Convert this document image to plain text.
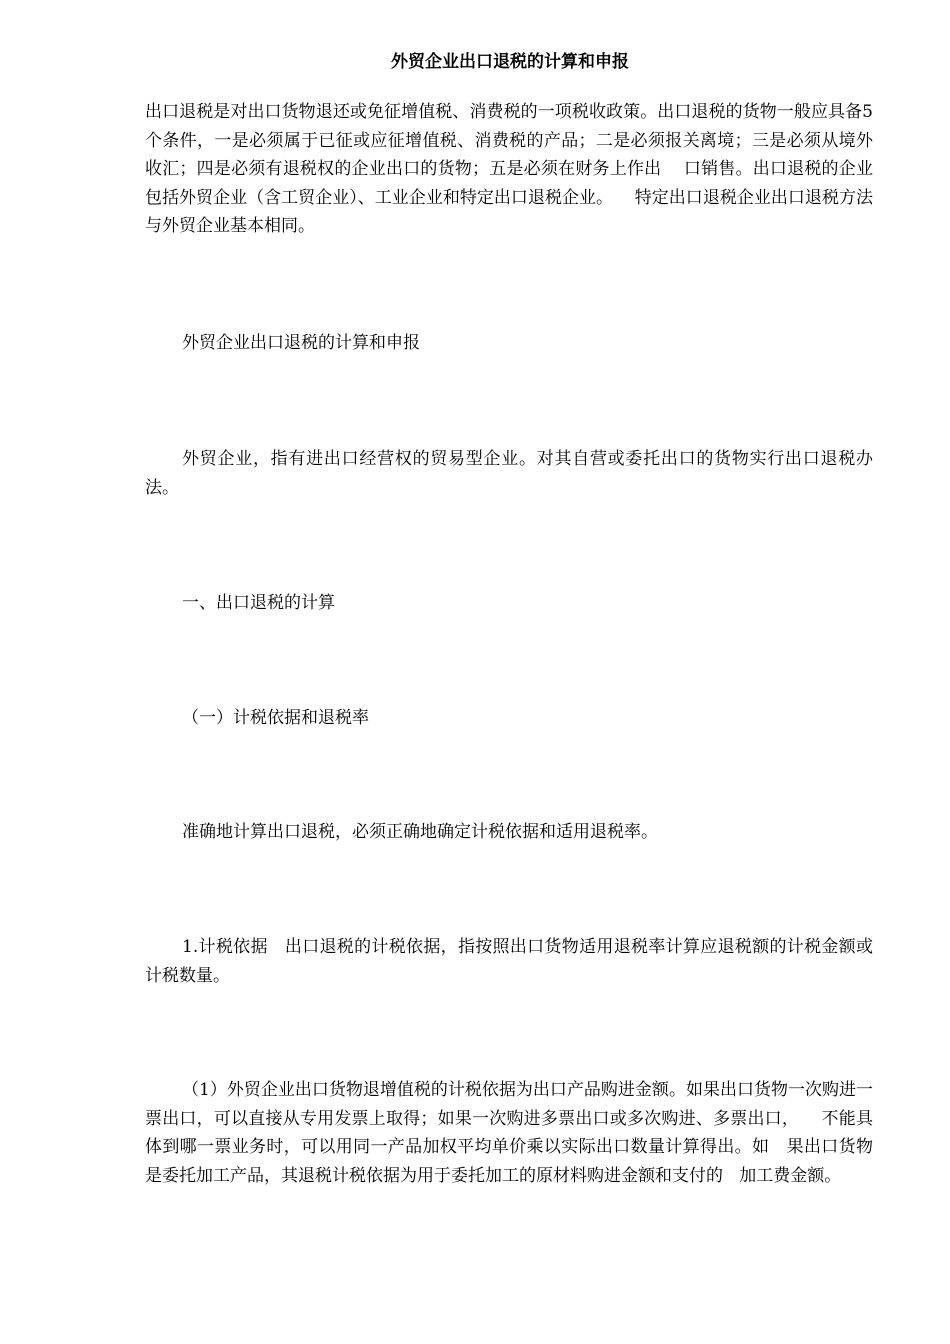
外贸企业出口退税的计算和申报

出口退税是对出口货物退还或免征增值税、消费税的一项税收政策。出口退税的货物一般应具备5个条件，一是必须属于已征或应征增值税、消费税的产品；二是必须报关离境；三是必须从境外收汇；四是必须有退税权的企业出口的货物；五是必须在财务上作出    口销售。出口退税的企业包括外贸企业（含工贸企业）、工业企业和特定出口退税企业。    特定出口退税企业出口退税方法与外贸企业基本相同。

外贸企业出口退税的计算和申报

外贸企业，指有进出口经营权的贸易型企业。对其自营或委托出口的货物实行出口退税办法。

一、出口退税的计算

（一）计税依据和退税率

准确地计算出口退税，必须正确地确定计税依据和适用退税率。

1.计税依据   出口退税的计税依据，指按照出口货物适用退税率计算应退税额的计税金额或计税数量。

（1）外贸企业出口货物退增值税的计税依据为出口产品购进金额。如果出口货物一次购进一票出口，可以直接从专用发票上取得；如果一次购进多票出口或多次购进、多票出口，    不能具体到哪一票业务时，可以用同一产品加权平均单价乘以实际出口数量计算得出。如   果出口货物是委托加工产品，其退税计税依据为用于委托加工的原材料购进金额和支付的   加工费金额。
